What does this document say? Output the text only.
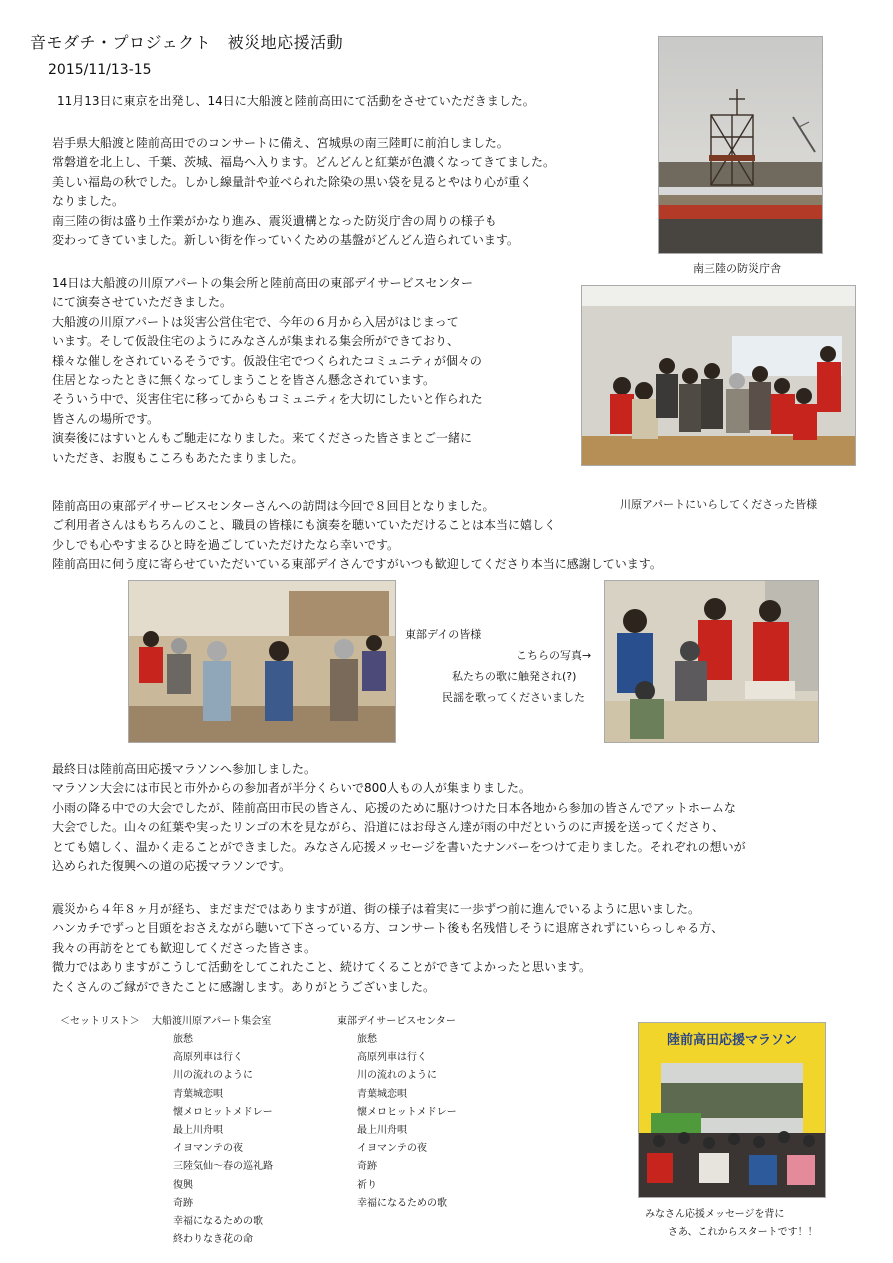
音モダチ・プロジェクト　被災地応援活動
2015/11/13-15
11月13日に東京を出発し、14日に大船渡と陸前高田にて活動をさせていただきました。
岩手県大船渡と陸前高田でのコンサートに備え、宮城県の南三陸町に前泊しました。
常磐道を北上し、千葉、茨城、福島へ入ります。どんどんと紅葉が色濃くなってきてました。
美しい福島の秋でした。しかし線量計や並べられた除染の黒い袋を見るとやはり心が重く
なりました。
南三陸の街は盛り土作業がかなり進み、震災遺構となった防災庁舎の周りの様子も
変わってきていました。新しい街を作っていくための基盤がどんどん造られています。
14日は大船渡の川原アパートの集会所と陸前高田の東部デイサービスセンター
にて演奏させていただきました。
大船渡の川原アパートは災害公営住宅で、今年の６月から入居がはじまって
います。そして仮設住宅のようにみなさんが集まれる集会所ができており、
様々な催しをされているそうです。仮設住宅でつくられたコミュニティが個々の
住居となったときに無くなってしまうことを皆さん懸念されています。
そういう中で、災害住宅に移ってからもコミュニティを大切にしたいと作られた
皆さんの場所です。
演奏後にはすいとんもご馳走になりました。来てくださった皆さまとご一緒に
いただき、お腹もこころもあたたまりました。
陸前高田の東部デイサービスセンターさんへの訪問は今回で８回目となりました。
ご利用者さんはもちろんのこと、職員の皆様にも演奏を聴いていただけることは本当に嬉しく
少しでも心やすまるひと時を過ごしていただけたなら幸いです。
陸前高田に伺う度に寄らせていただいている東部デイさんですがいつも歓迎してくださり本当に感謝しています。
最終日は陸前高田応援マラソンへ参加しました。
マラソン大会には市民と市外からの参加者が半分くらいで800人もの人が集まりました。
小雨の降る中での大会でしたが、陸前高田市民の皆さん、応援のために駆けつけた日本各地から参加の皆さんでアットホームな
大会でした。山々の紅葉や実ったリンゴの木を見ながら、沿道にはお母さん達が雨の中だというのに声援を送ってくださり、
とても嬉しく、温かく走ることができました。みなさん応援メッセージを書いたナンバーをつけて走りました。それぞれの想いが
込められた復興への道の応援マラソンです。
震災から４年８ヶ月が経ち、まだまだではありますが道、街の様子は着実に一歩ずつ前に進んでいるように思いました。
ハンカチでずっと目頭をおさえながら聴いて下さっている方、コンサート後も名残惜しそうに退席されずにいらっしゃる方、
我々の再訪をとても歓迎してくださった皆さま。
微力ではありますがこうして活動をしてこれたこと、続けてくることができてよかったと思います。
たくさんのご縁ができたことに感謝します。ありがとうございました。
南三陸の防災庁舎
川原アパートにいらしてくださった皆様
東部デイの皆様
こちらの写真→
私たちの歌に触発され(?)
民謡を歌ってくださいました
陸前高田応援マラソン
みなさん応援メッセージを背に
さあ、これからスタートです！！
＜セットリスト＞ 大船渡川原アパート集会室
旅愁
高原列車は行く
川の流れのように
青葉城恋唄
懐メロヒットメドレー
最上川舟唄
イヨマンテの夜
三陸気仙～春の巡礼路
復興
奇跡
幸福になるための歌
終わりなき花の命
東部デイサービスセンター
旅愁
高原列車は行く
川の流れのように
青葉城恋唄
懐メロヒットメドレー
最上川舟唄
イヨマンテの夜
奇跡
祈り
幸福になるための歌
